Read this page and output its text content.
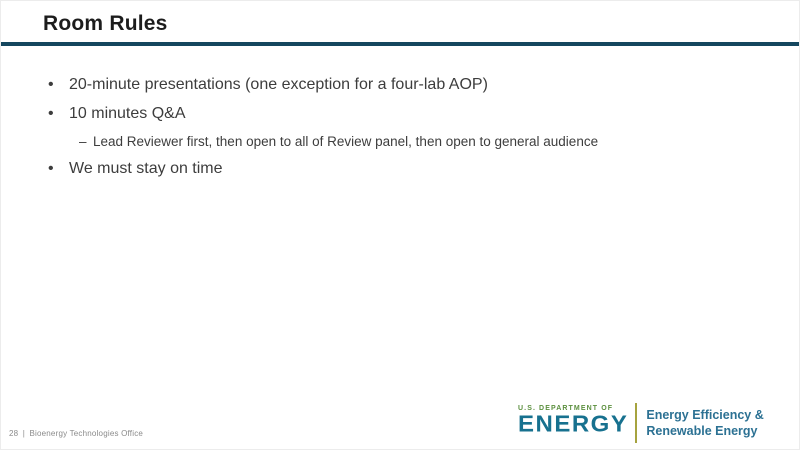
Room Rules
• 20-minute presentations (one exception for a four-lab AOP)
• 10 minutes Q&A
– Lead Reviewer first, then open to all of Review panel, then open to general audience
• We must stay on time
28 | Bioenergy Technologies Office
U.S. DEPARTMENT OF
ENERGY Energy Efficiency &
Renewable Energy
